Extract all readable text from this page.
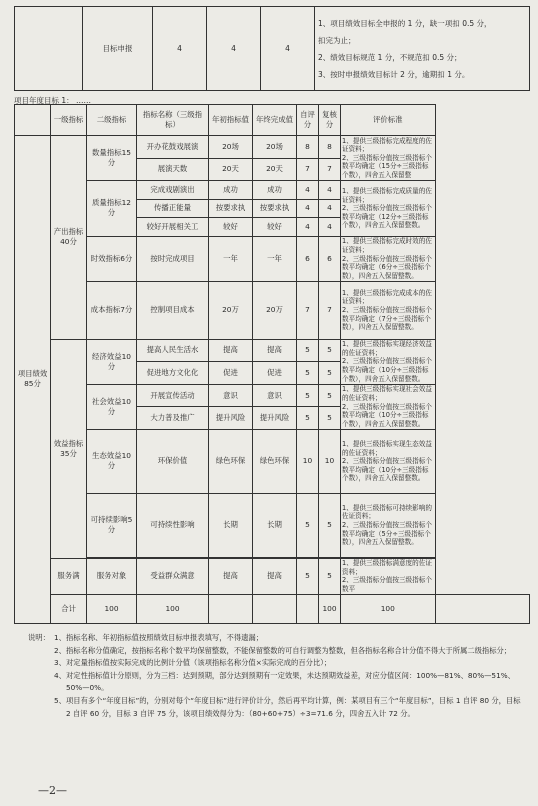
	目标申报	4	4	4	
1、项目绩效目标全申报的 1 分，缺一项扣 0.5 分，
扣完为止；
2、绩效目标规范 1 分，不规范扣 0.5 分；
3、按时申报绩效目标计 2 分，逾期扣 1 分。
项目年度目标 1： ……
	一级指标	二级指标	指标名称（三级指标）	年初指标值	年终完成值	自评分	复核分	评价标准	
项目绩效85分	产出指标40分	数量指标15分	开办花鼓戏展演	20场	20场	8	8	1、提供三级指标完成程度的佐证资料；
2、三级指标分值按三级指标个数平均确定（15分÷三级指标个数），四舍五入保留整	
			展演天数	20天	20天	7	7		
		质量指标12分	完成戏剧演出	成功	成功	4	4	1、提供三级指标完成质量的佐证资料；
2、三级指标分值按三级指标个数平均确定（12分÷三级指标个数），四舍五入保留整数。	
			传播正能量	按要求执	按要求执	4	4		
			较好开展相关工	较好	较好	4	4		
		时效指标6分	按时完成项目	一年	一年	6	6	1、提供三级指标完成时效的佐证资料；
2、三级指标分值按三级指标个数平均确定（6分÷三级指标个数），四舍五入保留整数。	
		成本指标7分	控制项目成本	20万	20万	7	7	1、提供三级指标完成成本的佐证资料；
2、三级指标分值按三级指标个数平均确定（7分÷三级指标个数），四舍五入保留整数。	
	效益指标35分	经济效益10分	提高人民生活水	提高	提高	5	5	1、提供三级指标实现经济效益的佐证资料；
2、三级指标分值按三级指标个数平均确定（10分÷三级指标个数），四舍五入保留整数。	
			促进地方文化化	促进	促进	5	5		
		社会效益10分	开展宣传活动	意识	意识	5	5	1、提供三级指标实现社会效益的佐证资料；
2、三级指标分值按三级指标个数平均确定（10分÷三级指标个数），四舍五入保留整数。	
			大力普及推广	提升风险	提升风险	5	5		
		生态效益10分	环保价值	绿色环保	绿色环保	10	10	1、提供三级指标实现生态效益的佐证资料；
2、三级指标分值按三级指标个数平均确定（10分÷三级指标个数），四舍五入保留整数。	
		可持续影响5分	可持续性影响	长期	长期	5	5	1、提供三级指标可持续影响的佐证资料；
2、三级指标分值按三级指标个数平均确定（5分÷三级指标个数），四舍五入保留整数。	

	服务满	服务对象	受益群众满意	提高	提高	5	5	1、提供三级指标满意度的佐证资料；
2、三级指标分值按三级指标个数平	
	合计	100	100				100	100	
说明： 1、 指标名称、年初指标值按照绩效目标申报表填写，不得遗漏；
2、 指标名称分值确定，按指标名称个数平均保留整数，不能保留整数的可自行调整为整数，但各指标名称合计分值不得大于所属二级指标分；
3、 对定量指标值按实际完成的比例计分值（该项指标名称分值×实际完成的百分比）；
4、 对定性指标值计分原则，分为三档：达到预期，部分达到预期有一定效果，未达预期效益差，对应分值区间：100%—81%、80%—51%、50%—0%。
5、 项目有多个“年度目标”的，分别对每个“年度目标”进行评价计分，然后再平均计算，例：某项目有三个“年度目标”，目标 1 自评 80 分，目标 2 自评 60 分，目标 3 自评 75 分，该项目绩效得分为：（80+60+75）÷3=71.6 分，四舍五入计 72 分。
—2—
